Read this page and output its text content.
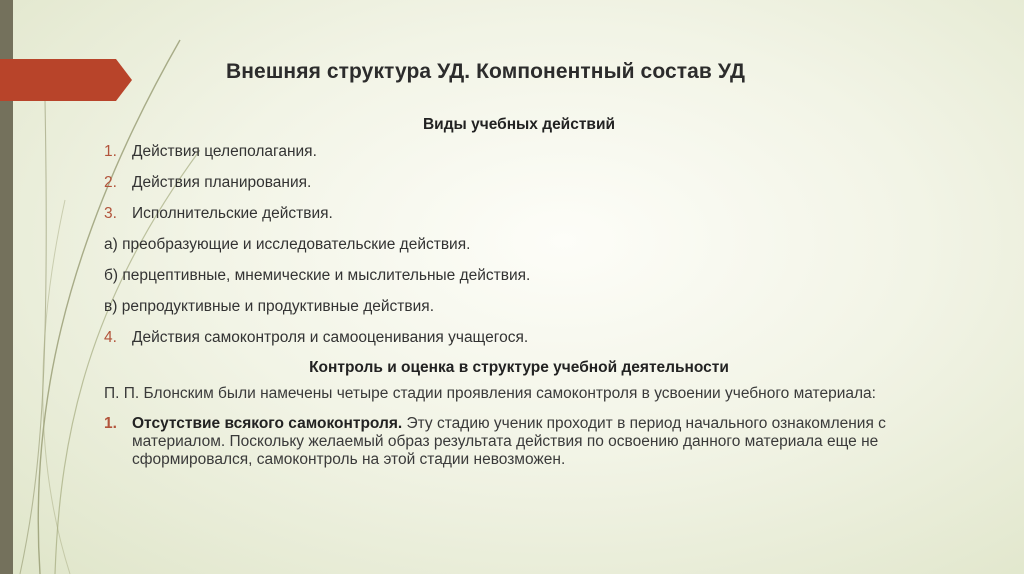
Внешняя структура УД. Компонентный состав УД

Виды учебных действий

1. Действия целеполагания.
2. Действия планирования.
3. Исполнительские действия.
а) преобразующие и исследовательские действия.
б) перцептивные, мнемические и мыслительные действия.
в) репродуктивные и продуктивные действия.
4. Действия самоконтроля и самооценивания учащегося.

Контроль и оценка в структуре учебной деятельности

П. П. Блонским были намечены четыре стадии проявления самоконтроля в усвоении учебного материала:
1. Отсутствие всякого самоконтроля. Эту стадию ученик проходит в период начального ознакомления с материалом. Поскольку желаемый образ результата действия по освоению данного материала еще не сформировался, самоконтроль на этой стадии невозможен.
